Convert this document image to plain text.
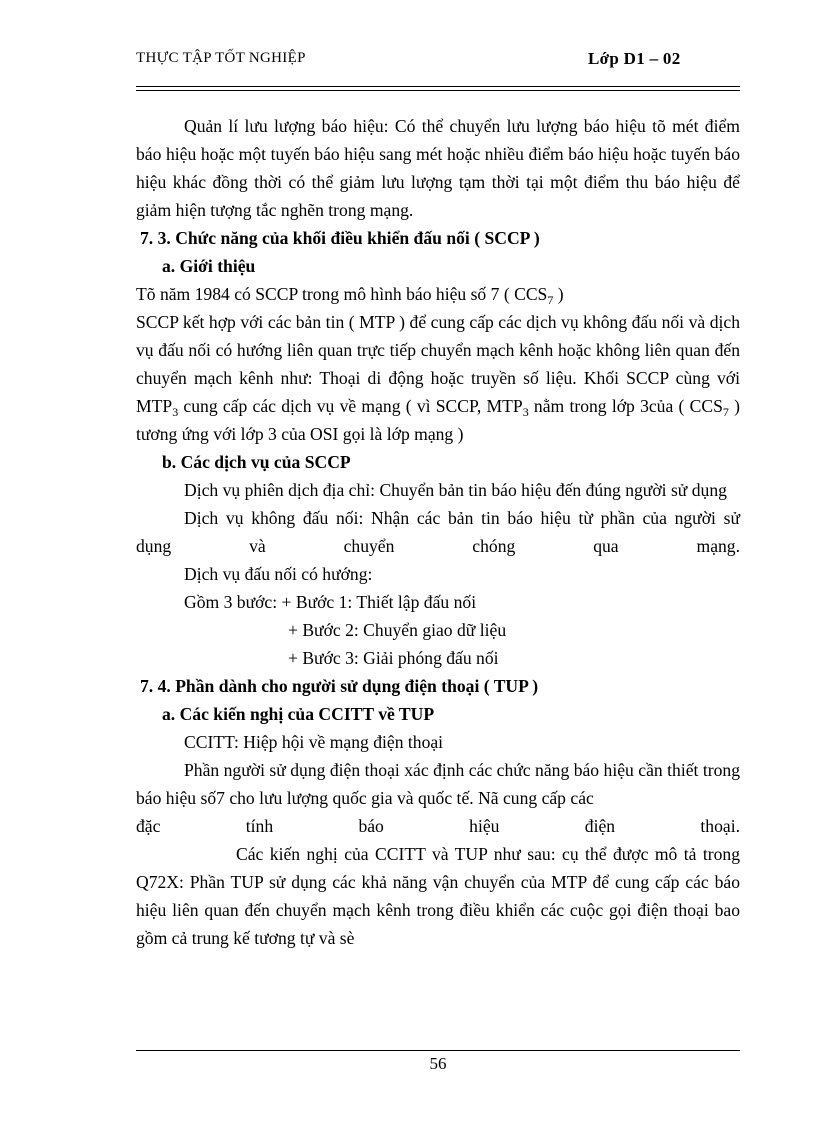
THỰC TẬP TỐT NGHIỆP	Lớp D1 – 02

Quản lí lưu lượng báo hiệu: Có thể chuyển lưu lượng báo hiệu tõ mét điểm báo hiệu hoặc một tuyến báo hiệu sang mét hoặc nhiều điểm báo hiệu hoặc tuyến báo hiệu khác đồng thời có thể giảm lưu lượng tạm thời tại một điểm thu báo hiệu để giảm hiện tượng tắc nghẽn trong mạng.

7. 3. Chức năng của khối điều khiển đấu nối ( SCCP )
a. Giới thiệu

Tõ năm 1984 có SCCP trong mô hình báo hiệu số 7 ( $CCS_7$ )

SCCP kết hợp với các bản tin ( MTP ) để cung cấp các dịch vụ không đấu nối và dịch vụ đấu nối có hướng liên quan trực tiếp chuyển mạch kênh hoặc không liên quan đến chuyển mạch kênh như: Thoại di động hoặc truyền số liệu. Khối SCCP cùng với $MTP_3$ cung cấp các dịch vụ về mạng ( vì SCCP, $MTP_3$ nằm trong lớp 3của ( $CCS_7$ ) tương ứng với lớp 3 của OSI gọi là lớp mạng )

b. Các dịch vụ của SCCP

Dịch vụ phiên dịch địa chỉ: Chuyển bản tin báo hiệu đến đúng người sử dụng

Dịch vụ không đấu nối: Nhận các bản tin báo hiệu từ phần của người sử

dụng và chuyển chóng qua mạng.

Dịch vụ đấu nối có hướng:

Gồm 3 bước: + Bước 1: Thiết lập đấu nối

+ Bước 2: Chuyển giao dữ liệu

+ Bước 3: Giải phóng đấu nối

7. 4. Phần dành cho người sử dụng điện thoại ( TUP )
a. Các kiến nghị của CCITT về TUP

CCITT: Hiệp hội về mạng điện thoại

Phần người sử dụng điện thoại xác định các chức năng báo hiệu cần thiết trong báo hiệu số7 cho lưu lượng quốc gia và quốc tế. Nã cung cấp các

đặc tính báo hiệu điện thoại.

Các kiến nghị của CCITT và TUP như sau: cụ thể được mô tả trong Q72X: Phần TUP sử dụng các khả năng vận chuyển của MTP để cung cấp các báo hiệu liên quan đến chuyển mạch kênh trong điều khiển các cuộc gọi điện thoại bao gồm cả trung kế tương tự và sè

56
